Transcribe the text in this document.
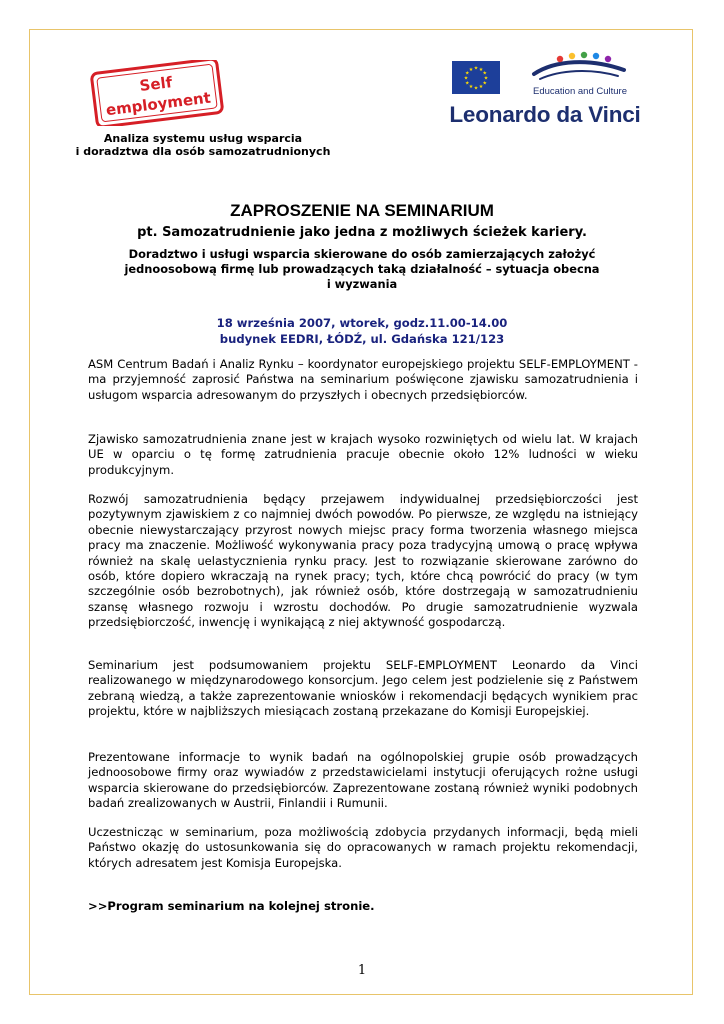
Self
employment
Analiza systemu usług wsparcia
i doradztwa dla osób samozatrudnionych
★ ★
★
★
★
★
★
★
★
★
★
★
Education and Culture
Leonardo da Vinci
ZAPROSZENIE NA SEMINARIUM
pt. Samozatrudnienie jako jedna z możliwych ścieżek kariery.
Doradztwo i usługi wsparcia skierowane do osób zamierzających założyć
jednoosobową firmę lub prowadzących taką działalność – sytuacja obecna
i wyzwania
18 września 2007, wtorek, godz.11.00-14.00
budynek EEDRI, ŁÓDŹ, ul. Gdańska 121/123
ASM Centrum Badań i Analiz Rynku – koordynator europejskiego projektu SELF-EMPLOYMENT - ma przyjemność zaprosić Państwa na seminarium poświęcone zjawisku samozatrudnienia i usługom wsparcia adresowanym do przyszłych i obecnych przedsiębiorców.
Zjawisko samozatrudnienia znane jest w krajach wysoko rozwiniętych od wielu lat. W krajach UE w oparciu o tę formę zatrudnienia pracuje obecnie około 12% ludności w wieku produkcyjnym.
Rozwój samozatrudnienia będący przejawem indywidualnej przedsiębiorczości jest pozytywnym zjawiskiem z co najmniej dwóch powodów. Po pierwsze, ze względu na istniejący obecnie niewystarczający przyrost nowych miejsc pracy forma tworzenia własnego miejsca pracy ma znaczenie. Możliwość wykonywania pracy poza tradycyjną umową o pracę wpływa również na skalę uelastycznienia rynku pracy. Jest to rozwiązanie skierowane zarówno do osób, które dopiero wkraczają na rynek pracy; tych, które chcą powrócić do pracy (w tym szczególnie osób bezrobotnych), jak również osób, które dostrzegają w samozatrudnieniu szansę własnego rozwoju i wzrostu dochodów. Po drugie samozatrudnienie wyzwala przedsiębiorczość, inwencję i wynikającą z niej aktywność gospodarczą.
Seminarium jest podsumowaniem projektu SELF-EMPLOYMENT Leonardo da Vinci realizowanego w międzynarodowego konsorcjum. Jego celem jest podzielenie się z Państwem zebraną wiedzą, a także zaprezentowanie wniosków i rekomendacji będących wynikiem prac projektu, które w najbliższych miesiącach zostaną przekazane do Komisji Europejskiej.
Prezentowane informacje to wynik badań na ogólnopolskiej grupie osób prowadzących jednoosobowe firmy oraz wywiadów z przedstawicielami instytucji oferujących rożne usługi wsparcia skierowane do przedsiębiorców. Zaprezentowane zostaną również wyniki podobnych badań zrealizowanych w Austrii, Finlandii i Rumunii.
Uczestnicząc w seminarium, poza możliwością zdobycia przydanych informacji, będą mieli Państwo okazję do ustosunkowania się do opracowanych w ramach projektu rekomendacji, których adresatem jest Komisja Europejska.
>>Program seminarium na kolejnej stronie.
1
